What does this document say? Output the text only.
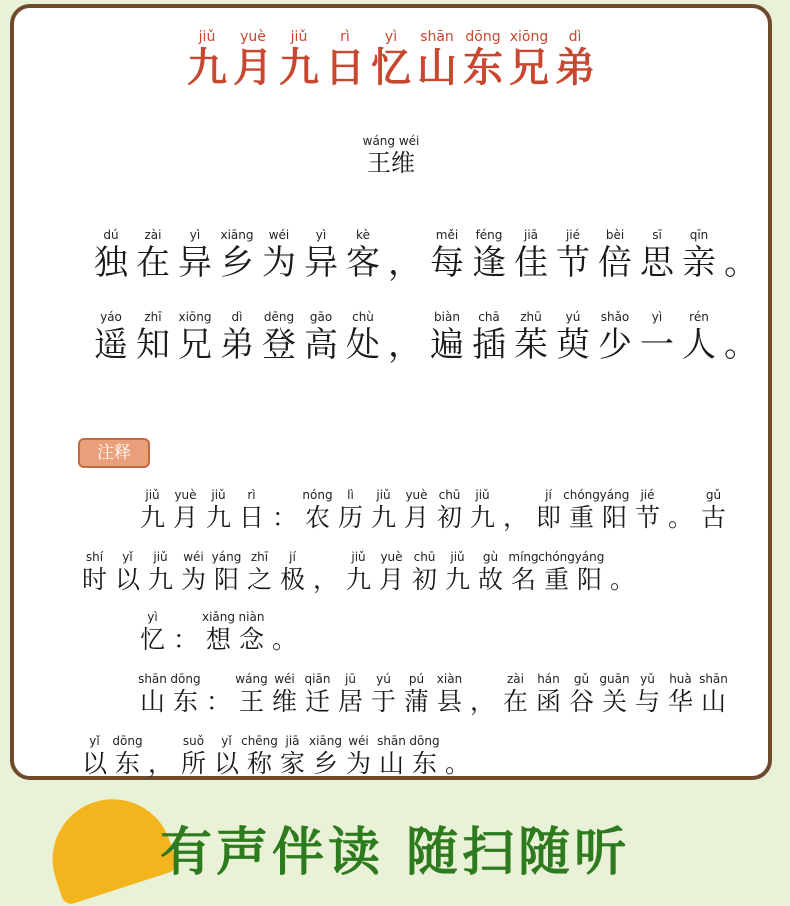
jiǔ
九
yuè
月
jiǔ
九
rì
日
yì
忆
shān
山
dōng
东
xiōng
兄
dì
弟
wáng wéi
王维
dú
独
zài
在
yì
异
xiāng
乡
wéi
为
yì
异
kè
客 ，
měi
每
féng
逢
jiā
佳
jié
节
bèi
倍
sī
思
qīn
亲 。
yáo
遥
zhī
知
xiōng
兄
dì
弟
dēng
登
gāo
高
chù
处 ，
biàn
遍
chā
插
zhū
茱
yú
萸
shǎo
少
yì
一
rén
人 。
注释
jiǔ
九
yuè
月
jiǔ
九
rì
日 ：
nóng
农
lì
历
jiǔ
九
yuè
月
chū
初
jiǔ
九 ，
jí
即
chóng
重
yáng
阳
jié
节 。
gǔ
古
shí
时
yǐ
以
jiǔ
九
wéi
为
yáng
阳
zhī
之
jí
极 ，
jiǔ
九
yuè
月
chū
初
jiǔ
九
gù
故
míng
名
chóng
重
yáng
阳 。
yì
忆 ：
xiǎng
想
niàn
念 。
shān
山
dōng
东 ：
wáng
王
wéi
维
qiān
迁
jū
居
yú
于
pú
蒲
xiàn
县 ，
zài
在
hán
函
gǔ
谷
guān
关
yǔ
与
huà
华
shān
山
yǐ
以
dōng
东 ，
suǒ
所
yǐ
以
chēng
称
jiā
家
xiāng
乡
wéi
为
shān
山
dōng
东 。
有声伴读 随扫随听
